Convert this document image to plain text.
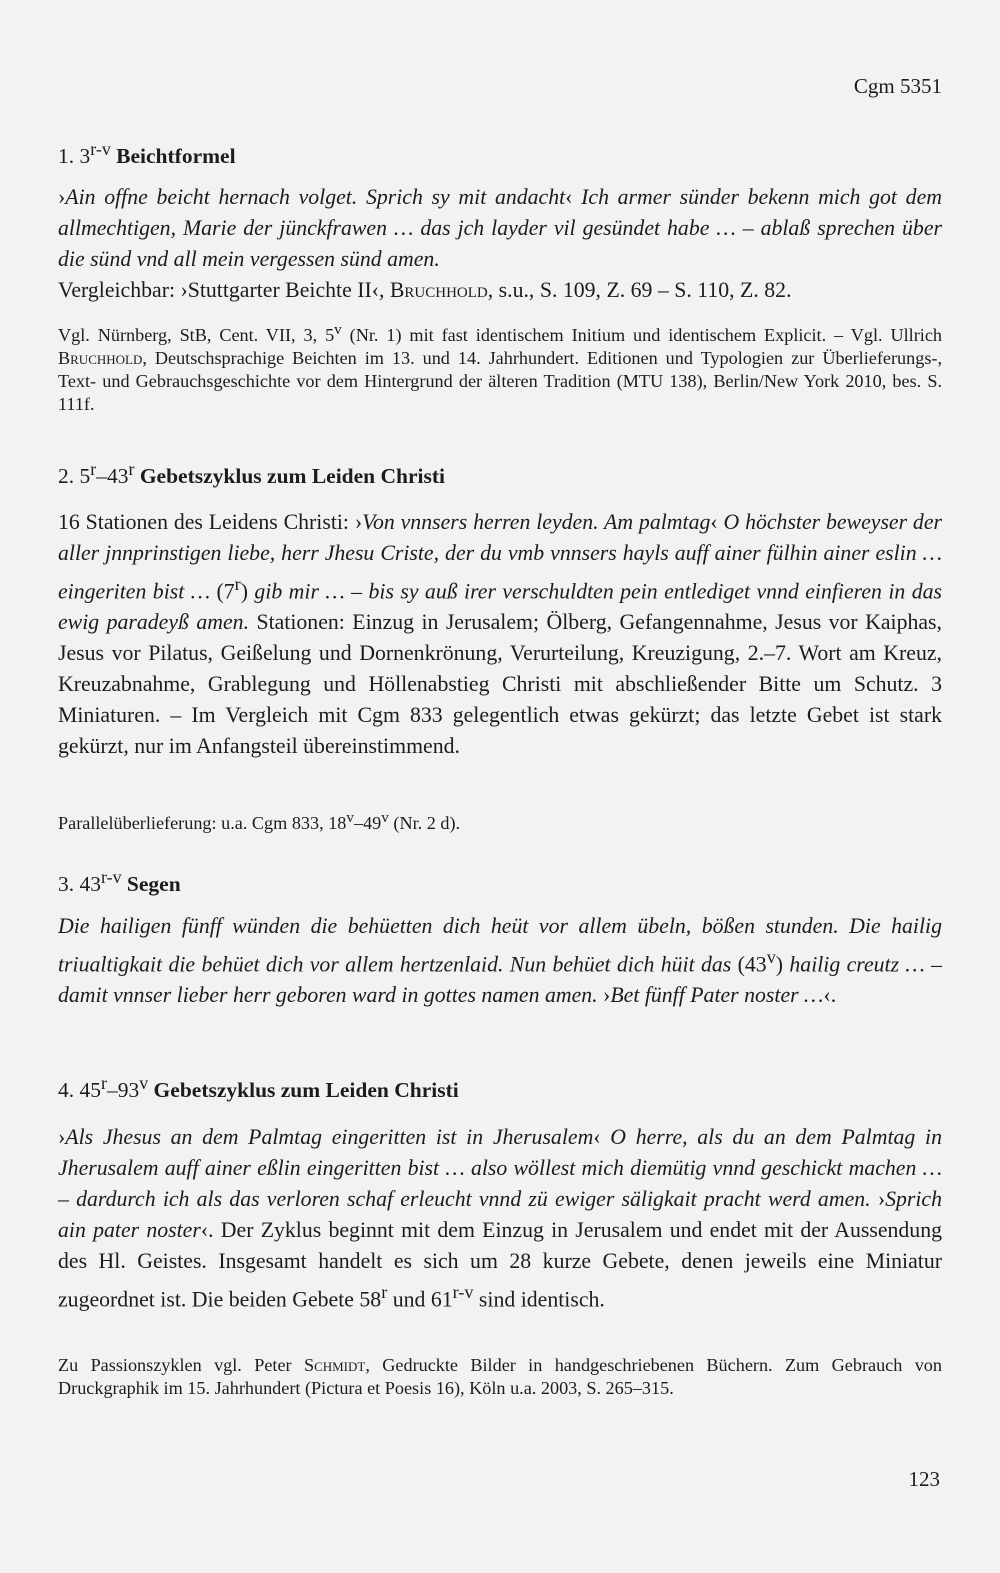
Cgm 5351
1. 3$^{r-v}$ Beichtformel
›Ain offne beicht hernach volget. Sprich sy mit andacht‹ Ich armer sünder bekenn mich got dem allmechtigen, Marie der jünckfrawen … das jch layder vil gesündet habe … – ablaß sprechen über die sünd vnd all mein vergessen sünd amen.
Vergleichbar: ›Stuttgarter Beichte II‹, Bruchhold, s.u., S. 109, Z. 69 – S. 110, Z. 82.
Vgl. Nürnberg, StB, Cent. VII, 3, 5$^v$ (Nr. 1) mit fast identischem Initium und identischem Explicit. – Vgl. Ullrich Bruchhold, Deutschsprachige Beichten im 13. und 14. Jahrhundert. Editionen und Typologien zur Überlieferungs-, Text- und Gebrauchsgeschichte vor dem Hintergrund der älteren Tradition (MTU 138), Berlin/New York 2010, bes. S. 111f.
2. 5$^r$–43$^r$ Gebetszyklus zum Leiden Christi
16 Stationen des Leidens Christi: ›Von vnnsers herren leyden. Am palmtag‹ O höchster beweyser der aller jnnprinstigen liebe, herr Jhesu Criste, der du vmb vnnsers hayls auff ainer fülhin ainer eslin … eingeriten bist … (7$^r$) gib mir … – bis sy auß irer verschuldten pein entlediget vnnd einfieren in das ewig paradeyß amen. Stationen: Einzug in Jerusalem; Ölberg, Gefangennahme, Jesus vor Kaiphas, Jesus vor Pilatus, Geißelung und Dornenkrönung, Verurteilung, Kreuzigung, 2.–7. Wort am Kreuz, Kreuzabnahme, Grablegung und Höllenabstieg Christi mit abschließender Bitte um Schutz. 3 Miniaturen. – Im Vergleich mit Cgm 833 gelegentlich etwas gekürzt; das letzte Gebet ist stark gekürzt, nur im Anfangsteil übereinstimmend.
Parallelüberlieferung: u.a. Cgm 833, 18$^v$–49$^v$ (Nr. 2 d).
3. 43$^{r-v}$ Segen
Die hailigen fünff wünden die behüetten dich heüt vor allem übeln, bößen stunden. Die hailig triualtigkait die behüet dich vor allem hertzenlaid. Nun behüet dich hüit das (43$^v$) hailig creutz … – damit vnnser lieber herr geboren ward in gottes namen amen. ›Bet fünff Pater noster …‹.
4. 45$^r$–93$^v$ Gebetszyklus zum Leiden Christi
›Als Jhesus an dem Palmtag eingeritten ist in Jherusalem‹ O herre, als du an dem Palmtag in Jherusalem auff ainer eßlin eingeritten bist … also wöllest mich diemütig vnnd geschickt machen … – dardurch ich als das verloren schaf erleucht vnnd zü ewiger säligkait pracht werd amen. ›Sprich ain pater noster‹. Der Zyklus beginnt mit dem Einzug in Jerusalem und endet mit der Aussendung des Hl. Geistes. Insgesamt handelt es sich um 28 kurze Gebete, denen jeweils eine Miniatur zugeordnet ist. Die beiden Gebete 58$^r$ und 61$^{r-v}$ sind identisch.
Zu Passionszyklen vgl. Peter Schmidt, Gedruckte Bilder in handgeschriebenen Büchern. Zum Gebrauch von Druckgraphik im 15. Jahrhundert (Pictura et Poesis 16), Köln u.a. 2003, S. 265–315.
123
